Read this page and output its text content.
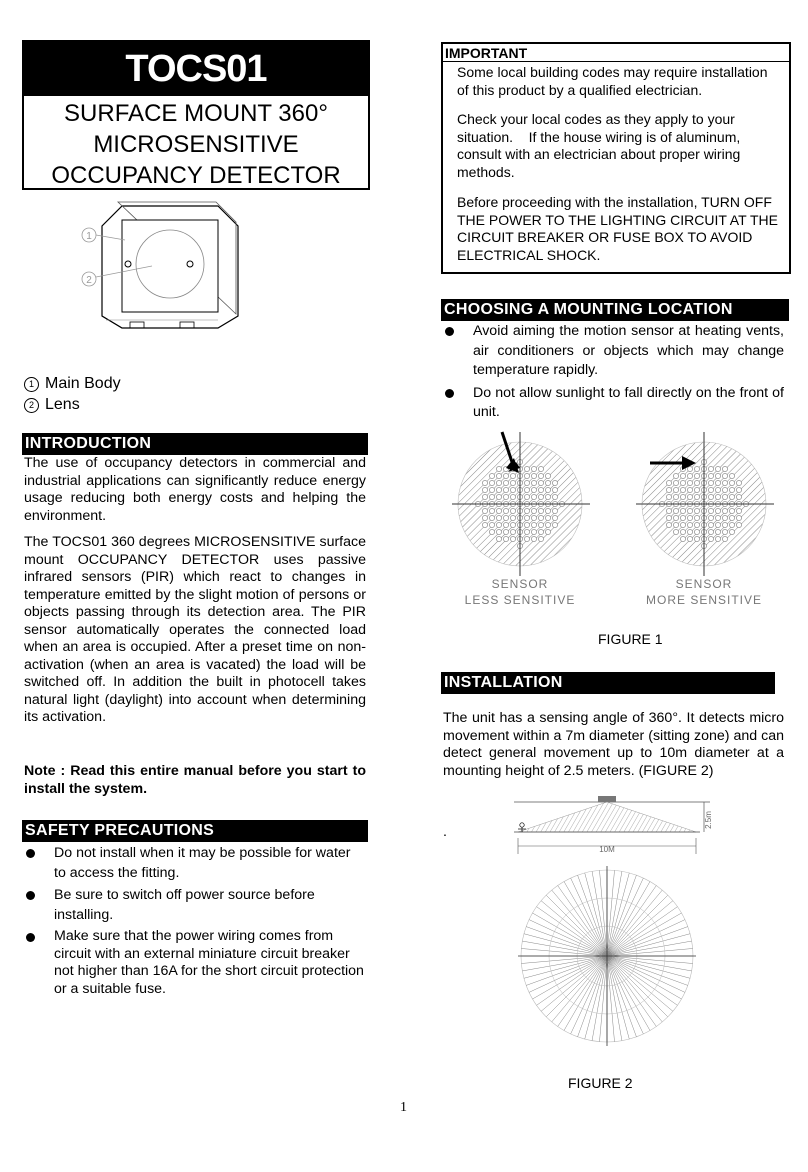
TOCS01
SURFACE MOUNT 360°
MICROSENSITIVE
OCCUPANCY DETECTOR
1
2
1 Main Body
2 Lens
INTRODUCTION
The use of occupancy detectors in commercial and industrial applications can significantly reduce energy usage reducing both energy costs and helping the environment.
The TOCS01 360 degrees MICROSENSITIVE surface mount OCCUPANCY DETECTOR uses passive infrared sensors (PIR) which react to changes in temperature emitted by the slight motion of persons or objects passing through its detection area. The PIR sensor automatically operates the connected load when an area is occupied. After a preset time on non-activation (when an area is vacated) the load will be switched off. In addition the built in photocell takes natural light (daylight) into account when determining its activation.
Note : Read this entire manual before you start to install the system.
SAFETY PRECAUTIONS
Do not install when it may be possible for water to access the fitting.
Be sure to switch off power source before installing.
Make sure that the power wiring comes from circuit with an external miniature circuit breaker not higher than 16A for the short circuit protection or a suitable fuse.
IMPORTANT

Some local building codes may require installation of this product by a qualified electrician.

Check your local codes as they apply to your situation.    If the house wiring is of aluminum, consult with an electrician about proper wiring methods.

Before proceeding with the installation, TURN OFF THE POWER TO THE LIGHTING CIRCUIT AT THE CIRCUIT BREAKER OR FUSE BOX TO AVOID ELECTRICAL SHOCK.

CHOOSING A MOUNTING LOCATION
Avoid aiming the motion sensor at heating vents, air conditioners or objects which may change temperature rapidly.
Do not allow sunlight to fall directly on the front of unit.
SENSOR
LESS SENSITIVE
SENSOR
MORE SENSITIVE
FIGURE 1
INSTALLATION
The unit has a sensing angle of 360°. It detects micro movement within a 7m diameter (sitting zone) and can detect general movement up to 10m diameter at a mounting height of 2.5 meters. (FIGURE 2)
.
2.5m
10M
FIGURE 2
1
